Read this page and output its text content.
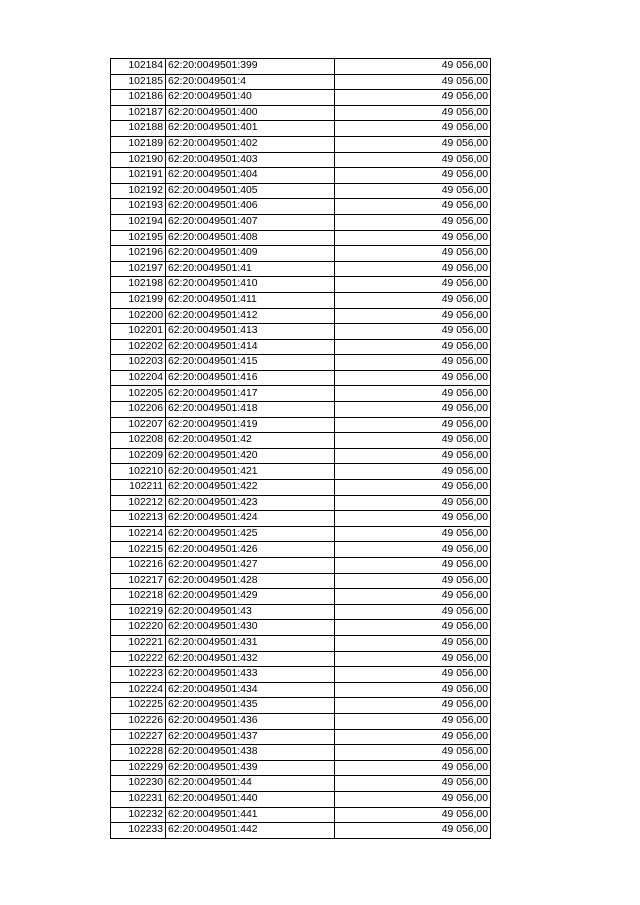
102184	62:20:0049501:399	49 056,00
102185	62:20:0049501:4	49 056,00
102186	62:20:0049501:40	49 056,00
102187	62:20:0049501:400	49 056,00
102188	62:20:0049501:401	49 056,00
102189	62:20:0049501:402	49 056,00
102190	62:20:0049501:403	49 056,00
102191	62:20:0049501:404	49 056,00
102192	62:20:0049501:405	49 056,00
102193	62:20:0049501:406	49 056,00
102194	62:20:0049501:407	49 056,00
102195	62:20:0049501:408	49 056,00
102196	62:20:0049501:409	49 056,00
102197	62:20:0049501:41	49 056,00
102198	62:20:0049501:410	49 056,00
102199	62:20:0049501:411	49 056,00
102200	62:20:0049501:412	49 056,00
102201	62:20:0049501:413	49 056,00
102202	62:20:0049501:414	49 056,00
102203	62:20:0049501:415	49 056,00
102204	62:20:0049501:416	49 056,00
102205	62:20:0049501:417	49 056,00
102206	62:20:0049501:418	49 056,00
102207	62:20:0049501:419	49 056,00
102208	62:20:0049501:42	49 056,00
102209	62:20:0049501:420	49 056,00
102210	62:20:0049501:421	49 056,00
102211	62:20:0049501:422	49 056,00
102212	62:20:0049501:423	49 056,00
102213	62:20:0049501:424	49 056,00
102214	62:20:0049501:425	49 056,00
102215	62:20:0049501:426	49 056,00
102216	62:20:0049501:427	49 056,00
102217	62:20:0049501:428	49 056,00
102218	62:20:0049501:429	49 056,00
102219	62:20:0049501:43	49 056,00
102220	62:20:0049501:430	49 056,00
102221	62:20:0049501:431	49 056,00
102222	62:20:0049501:432	49 056,00
102223	62:20:0049501:433	49 056,00
102224	62:20:0049501:434	49 056,00
102225	62:20:0049501:435	49 056,00
102226	62:20:0049501:436	49 056,00
102227	62:20:0049501:437	49 056,00
102228	62:20:0049501:438	49 056,00
102229	62:20:0049501:439	49 056,00
102230	62:20:0049501:44	49 056,00
102231	62:20:0049501:440	49 056,00
102232	62:20:0049501:441	49 056,00
102233	62:20:0049501:442	49 056,00
